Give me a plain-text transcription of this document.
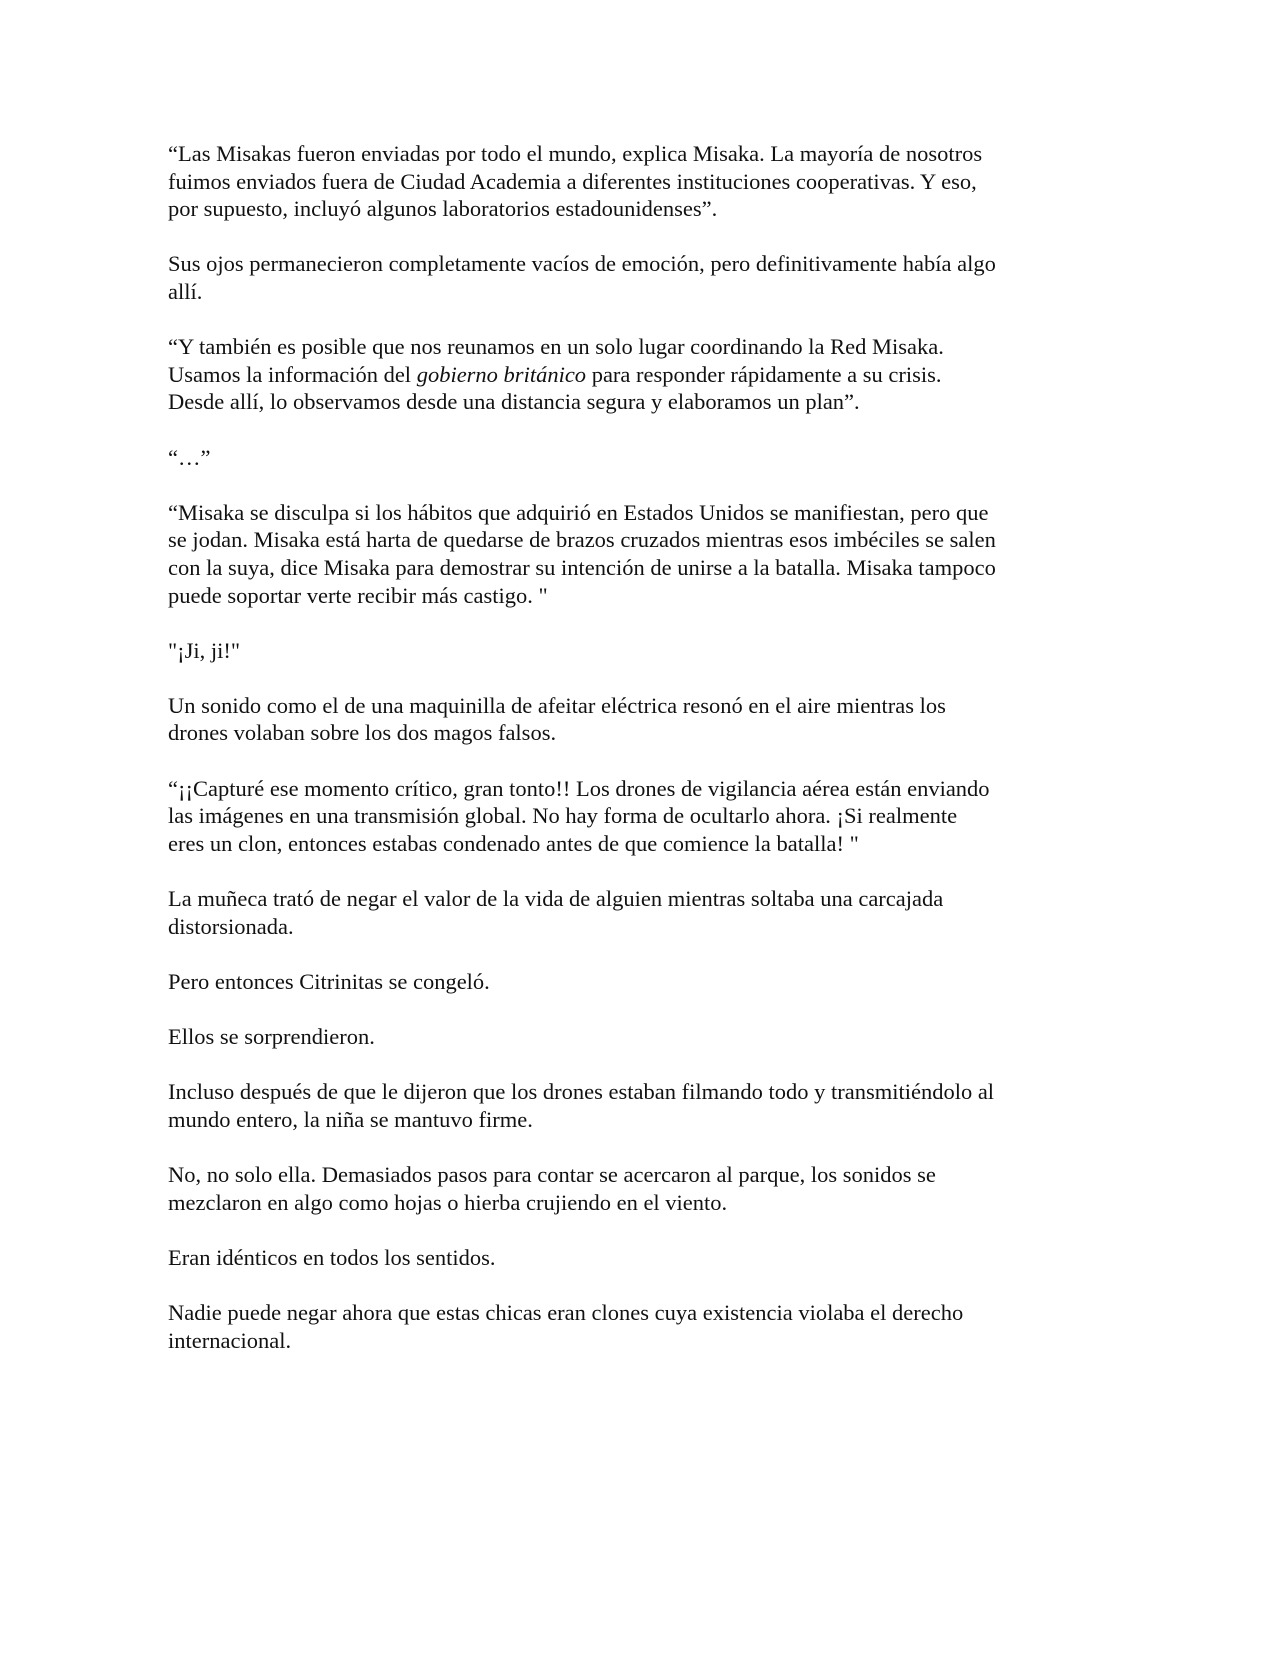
“Las Misakas fueron enviadas por todo el mundo, explica Misaka. La mayoría de nosotros
fuimos enviados fuera de Ciudad Academia a diferentes instituciones cooperativas. Y eso,
por supuesto, incluyó algunos laboratorios estadounidenses”.

Sus ojos permanecieron completamente vacíos de emoción, pero definitivamente había algo
allí.

“Y también es posible que nos reunamos en un solo lugar coordinando la Red Misaka.
Usamos la información del gobierno británico para responder rápidamente a su crisis.
Desde allí, lo observamos desde una distancia segura y elaboramos un plan”.

“…”

“Misaka se disculpa si los hábitos que adquirió en Estados Unidos se manifiestan, pero que
se jodan. Misaka está harta de quedarse de brazos cruzados mientras esos imbéciles se salen
con la suya, dice Misaka para demostrar su intención de unirse a la batalla. Misaka tampoco
puede soportar verte recibir más castigo. "

"¡Ji, ji!"

Un sonido como el de una maquinilla de afeitar eléctrica resonó en el aire mientras los
drones volaban sobre los dos magos falsos.

“¡¡Capturé ese momento crítico, gran tonto!! Los drones de vigilancia aérea están enviando
las imágenes en una transmisión global. No hay forma de ocultarlo ahora. ¡Si realmente
eres un clon, entonces estabas condenado antes de que comience la batalla! "

La muñeca trató de negar el valor de la vida de alguien mientras soltaba una carcajada
distorsionada.

Pero entonces Citrinitas se congeló.

Ellos se sorprendieron.

Incluso después de que le dijeron que los drones estaban filmando todo y transmitiéndolo al
mundo entero, la niña se mantuvo firme.

No, no solo ella. Demasiados pasos para contar se acercaron al parque, los sonidos se
mezclaron en algo como hojas o hierba crujiendo en el viento.

Eran idénticos en todos los sentidos.

Nadie puede negar ahora que estas chicas eran clones cuya existencia violaba el derecho
internacional.
